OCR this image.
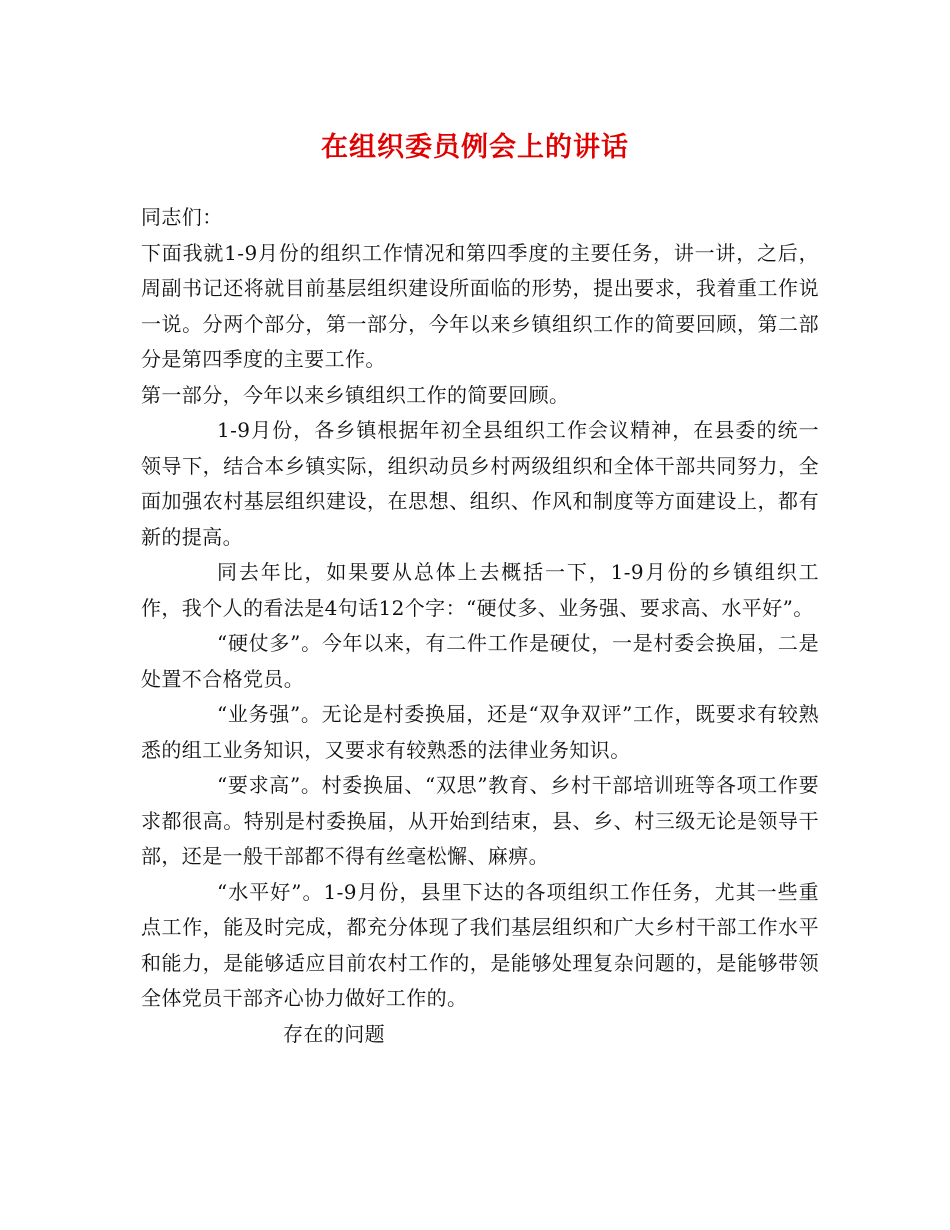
在组织委员例会上的讲话

同志们：

下面我就1-9月份的组织工作情况和第四季度的主要任务，讲一讲，之后，周副书记还将就目前基层组织建设所面临的形势，提出要求，我着重工作说一说。分两个部分，第一部分，今年以来乡镇组织工作的简要回顾，第二部分是第四季度的主要工作。

第一部分，今年以来乡镇组织工作的简要回顾。

1-9月份，各乡镇根据年初全县组织工作会议精神，在县委的统一领导下，结合本乡镇实际，组织动员乡村两级组织和全体干部共同努力，全面加强农村基层组织建设，在思想、组织、作风和制度等方面建设上，都有新的提高。

同去年比，如果要从总体上去概括一下，1-9月份的乡镇组织工作，我个人的看法是4句话12个字：“硬仗多、业务强、要求高、水平好”。

“硬仗多”。今年以来，有二件工作是硬仗，一是村委会换届，二是处置不合格党员。

“业务强”。无论是村委换届，还是“双争双评”工作，既要求有较熟悉的组工业务知识，又要求有较熟悉的法律业务知识。

“要求高”。村委换届、“双思”教育、乡村干部培训班等各项工作要求都很高。特别是村委换届，从开始到结束，县、乡、村三级无论是领导干部，还是一般干部都不得有丝毫松懈、麻痹。

“水平好”。1-9月份，县里下达的各项组织工作任务，尤其一些重点工作，能及时完成，都充分体现了我们基层组织和广大乡村干部工作水平和能力，是能够适应目前农村工作的，是能够处理复杂问题的，是能够带领全体党员干部齐心协力做好工作的。

存在的问题
